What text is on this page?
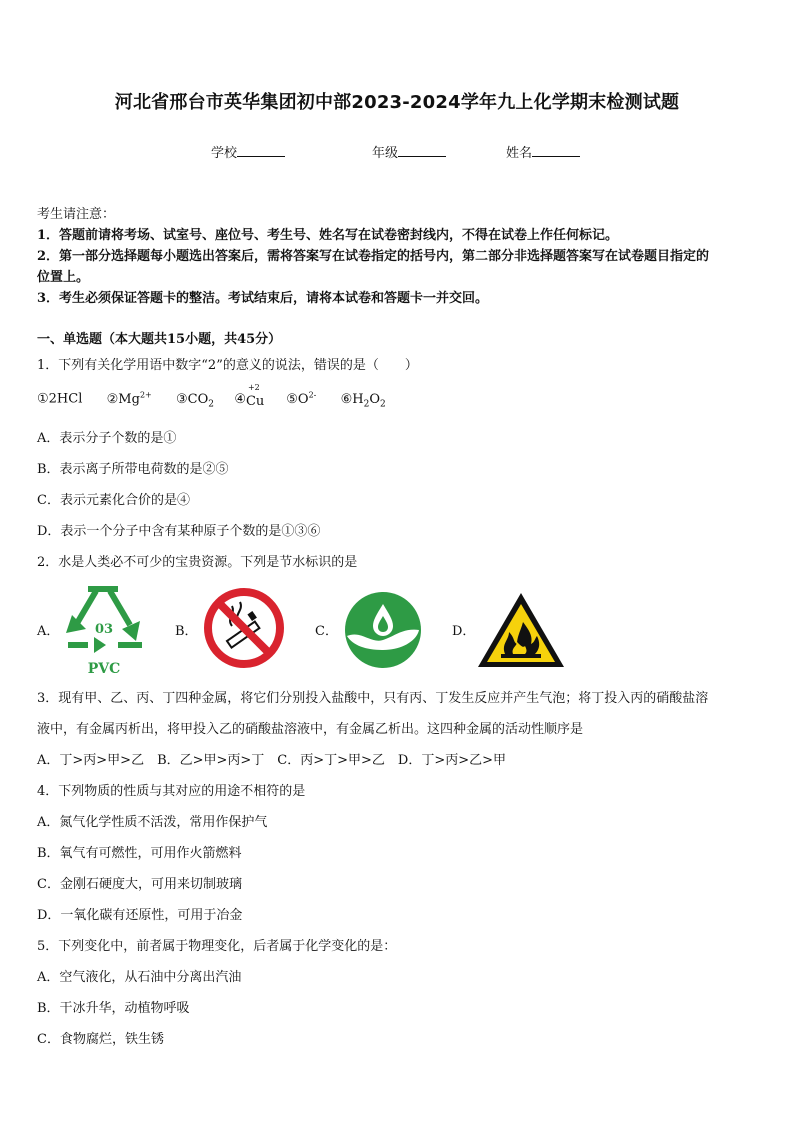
河北省邢台市英华集团初中部2023-2024学年九上化学期末检测试题
学校	年级	姓名
考生请注意：
1．答题前请将考场、试室号、座位号、考生号、姓名写在试卷密封线内，不得在试卷上作任何标记。
2．第一部分选择题每小题选出答案后，需将答案写在试卷指定的括号内，第二部分非选择题答案写在试卷题目指定的
位置上。
3．考生必须保证答题卡的整洁。考试结束后，请将本试卷和答题卡一并交回。
一、单选题（本大题共15小题，共45分）
1．下列有关化学用语中数字“2”的意义的说法，错误的是（　　）
①2HCl $②Mg^{2+}$ $③CO_2$ ④
+2
Cu $⑤O^{2-}$ $⑥H_2O_2$
A．表示分子个数的是①
B．表示离子所带电荷数的是②⑤
C．表示元素化合价的是④
D．表示一个分子中含有某种原子个数的是①③⑥
2．水是人类必不可少的宝贵资源。下列是节水标识的是
A．	B．	C．	D．
03
PVC
3．现有甲、乙、丙、丁四种金属，将它们分别投入盐酸中，只有丙、丁发生反应并产生气泡；将丁投入丙的硝酸盐溶
液中，有金属丙析出，将甲投入乙的硝酸盐溶液中，有金属乙析出。这四种金属的活动性顺序是
A．丁>丙>甲>乙　B．乙>甲>丙>丁　C．丙>丁>甲>乙　D．丁>丙>乙>甲
4．下列物质的性质与其对应的用途不相符的是
A．氮气化学性质不活泼，常用作保护气
B．氧气有可燃性，可用作火箭燃料
C．金刚石硬度大，可用来切制玻璃
D．一氧化碳有还原性，可用于冶金
5．下列变化中，前者属于物理变化，后者属于化学变化的是：
A．空气液化，从石油中分离出汽油
B．干冰升华，动植物呼吸
C．食物腐烂，铁生锈
